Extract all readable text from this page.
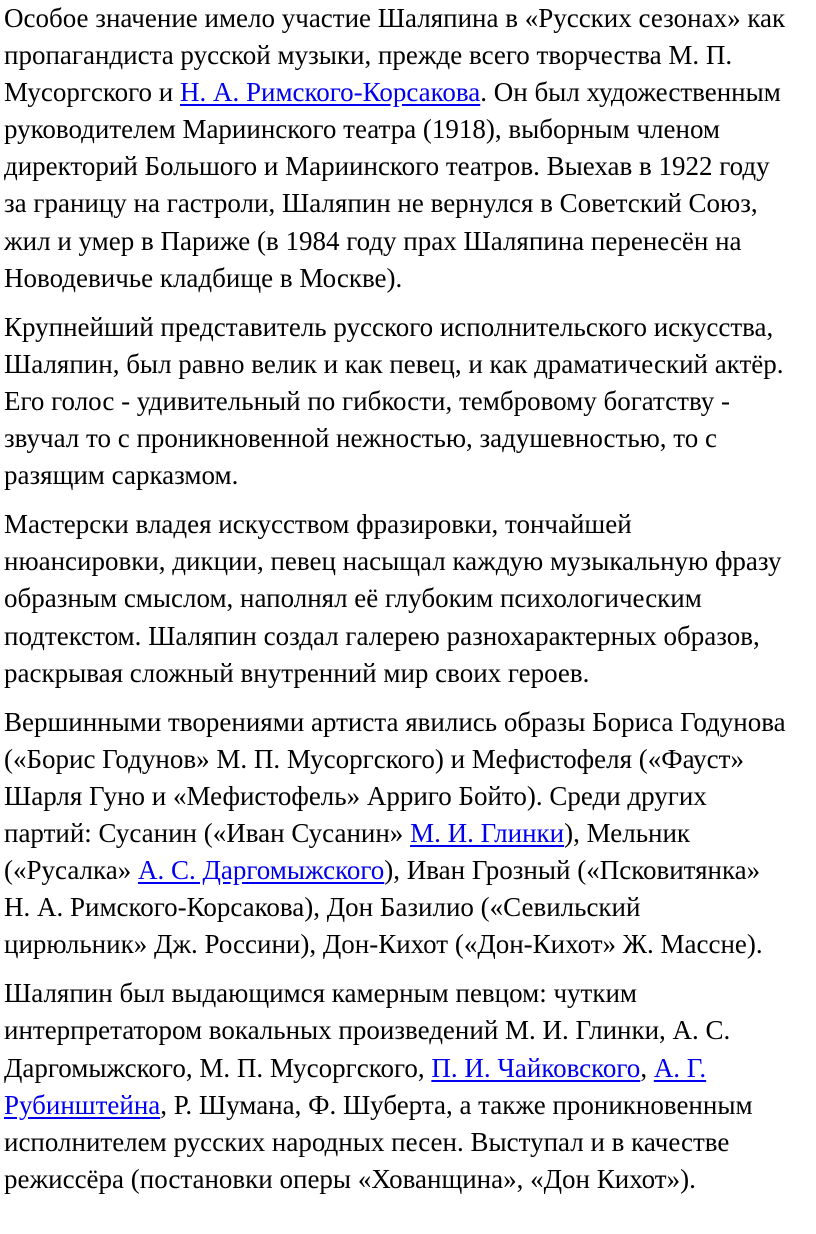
Особое значение имело участие Шаляпина в «Русских сезонах» как
пропагандиста русской музыки, прежде всего творчества М. П.
Мусоргского и Н. А. Римского-Корсакова. Он был художественным
руководителем Мариинского театра (1918), выборным членом
директорий Большого и Мариинского театров. Выехав в 1922 году
за границу на гастроли, Шаляпин не вернулся в Советский Союз,
жил и умер в Париже (в 1984 году прах Шаляпина перенесён на
Новодевичье кладбище в Москве).

Крупнейший представитель русского исполнительского искусства,
Шаляпин, был равно велик и как певец, и как драматический актёр.
Его голос - удивительный по гибкости, тембровому богатству -
звучал то с проникновенной нежностью, задушевностью, то с
разящим сарказмом.

Мастерски владея искусством фразировки, тончайшей
нюансировки, дикции, певец насыщал каждую музыкальную фразу
образным смыслом, наполнял её глубоким психологическим
подтекстом. Шаляпин создал галерею разнохарактерных образов,
раскрывая сложный внутренний мир своих героев.

Вершинными творениями артиста явились образы Бориса Годунова
(«Борис Годунов» М. П. Мусоргского) и Мефистофеля («Фауст»
Шарля Гуно и «Мефистофель» Арриго Бойто). Среди других
партий: Сусанин («Иван Сусанин» М. И. Глинки), Мельник
(«Русалка» А. С. Даргомыжского), Иван Грозный («Псковитянка»
Н. А. Римского-Корсакова), Дон Базилио («Севильский
цирюльник» Дж. Россини), Дон-Кихот («Дон-Кихот» Ж. Массне).

Шаляпин был выдающимся камерным певцом: чутким
интерпретатором вокальных произведений М. И. Глинки, А. С.
Даргомыжского, М. П. Мусоргского, П. И. Чайковского, А. Г.
Рубинштейна, Р. Шумана, Ф. Шуберта, а также проникновенным
исполнителем русских народных песен. Выступал и в качестве
режиссёра (постановки оперы «Хованщина», «Дон Кихот»).
